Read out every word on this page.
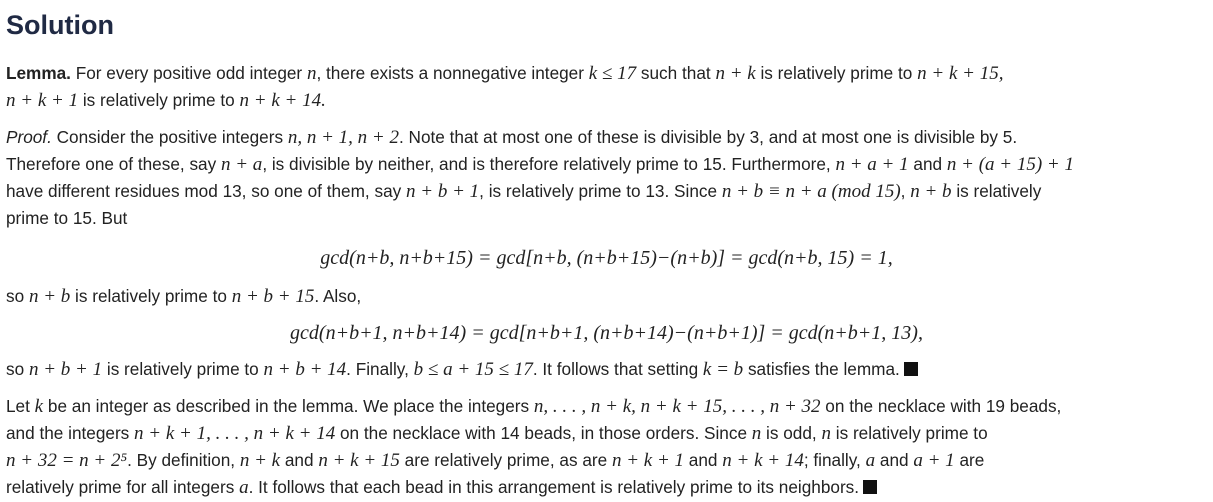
Solution

Lemma. For every positive odd integer n, there exists a nonnegative integer k ≤ 17 such that n + k is relatively prime to n + k + 15,
n + k + 1 is relatively prime to n + k + 14.

Proof. Consider the positive integers n, n + 1, n + 2. Note that at most one of these is divisible by 3, and at most one is divisible by 5.
Therefore one of these, say n + a, is divisible by neither, and is therefore relatively prime to 15. Furthermore, n + a + 1 and n + (a + 15) + 1
have different residues mod 13, so one of them, say n + b + 1, is relatively prime to 13. Since n + b ≡ n + a (mod 15), n + b is relatively
prime to 15. But

gcd(n+b, n+b+15) = gcd[n+b, (n+b+15)−(n+b)] = gcd(n+b, 15) = 1,

so n + b is relatively prime to n + b + 15. Also,

gcd(n+b+1, n+b+14) = gcd[n+b+1, (n+b+14)−(n+b+1)] = gcd(n+b+1, 13),

so n + b + 1 is relatively prime to n + b + 14. Finally, b ≤ a + 15 ≤ 17. It follows that setting k = b satisfies the lemma.

Let k be an integer as described in the lemma. We place the integers n, . . . , n + k, n + k + 15, . . . , n + 32 on the necklace with 19 beads,
and the integers n + k + 1, . . . , n + k + 14 on the necklace with 14 beads, in those orders. Since n is odd, n is relatively prime to
n + 32 = n + 2⁵. By definition, n + k and n + k + 15 are relatively prime, as are n + k + 1 and n + k + 14; finally, a and a + 1 are
relatively prime for all integers a. It follows that each bead in this arrangement is relatively prime to its neighbors.
